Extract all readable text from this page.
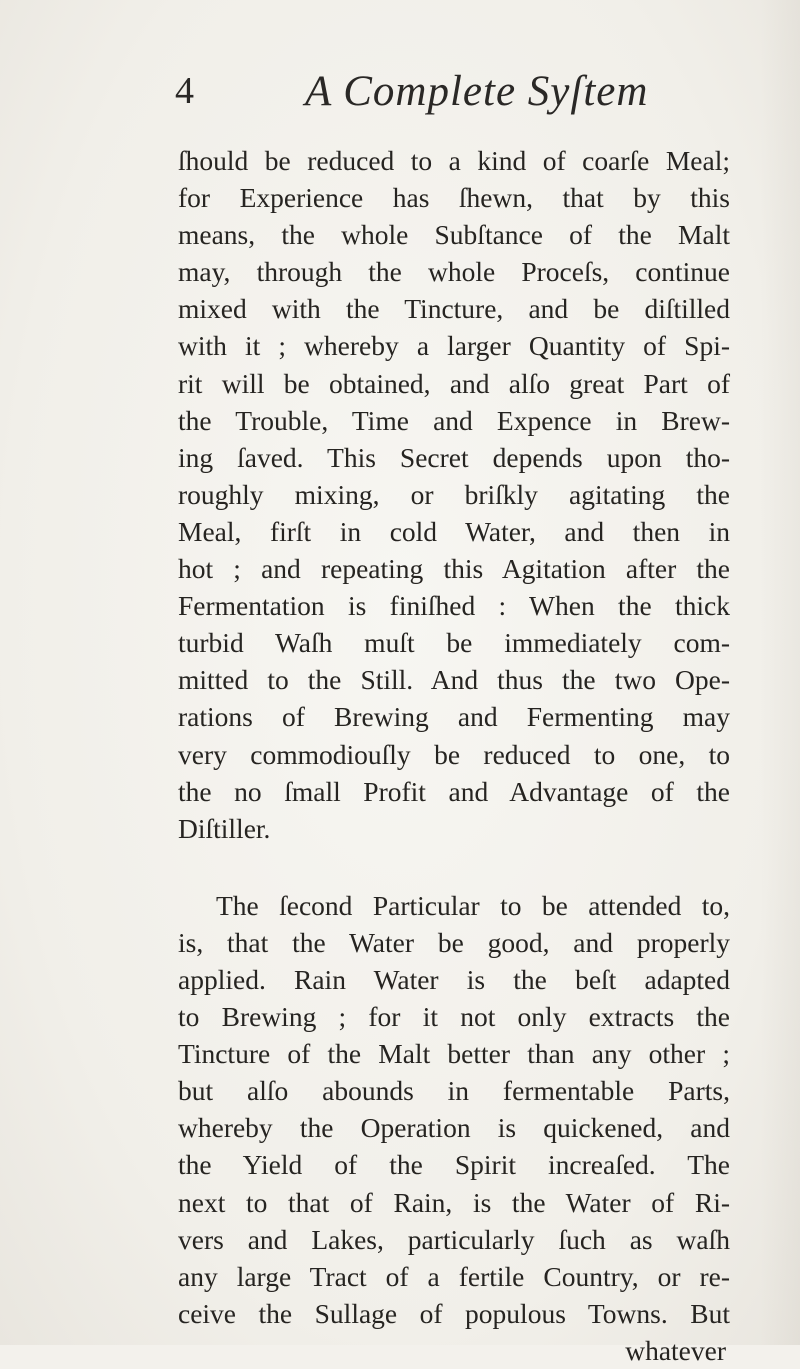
4	A Complete Syſtem
ſhould be reduced to a kind of coarſe Meal;
for Experience has ſhewn, that by this
means, the whole Subſtance of the Malt
may, through the whole Proceſs, continue
mixed with the Tincture, and be diſtilled
with it ; whereby a larger Quantity of Spi-
rit will be obtained, and alſo great Part of
the Trouble, Time and Expence in Brew-
ing ſaved. This Secret depends upon tho-
roughly mixing, or briſkly agitating the
Meal, firſt in cold Water, and then in
hot ; and repeating this Agitation after the
Fermentation is finiſhed : When the thick
turbid Waſh muſt be immediately com-
mitted to the Still. And thus the two Ope-
rations of Brewing and Fermenting may
very commodiouſly be reduced to one, to
the no ſmall Profit and Advantage of the
Diſtiller.
The ſecond Particular to be attended to,
is, that the Water be good, and properly
applied. Rain Water is the beſt adapted
to Brewing ; for it not only extracts the
Tincture of the Malt better than any other ;
but alſo abounds in fermentable Parts,
whereby the Operation is quickened, and
the Yield of the Spirit increaſed. The
next to that of Rain, is the Water of Ri-
vers and Lakes, particularly ſuch as waſh
any large Tract of a fertile Country, or re-
ceive the Sullage of populous Towns. But
whatever
